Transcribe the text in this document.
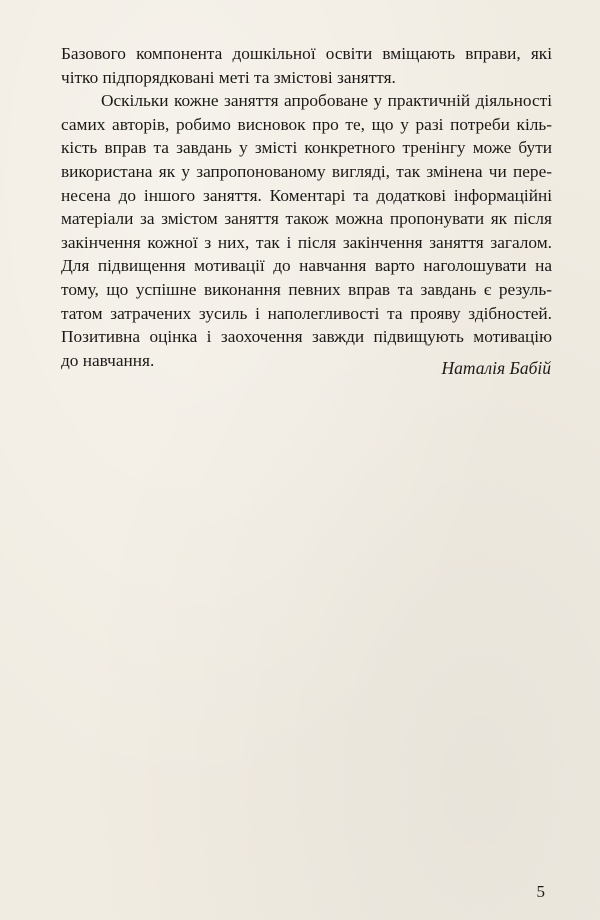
Базового компонента дошкільної освіти вміщають вправи, які
чітко підпорядковані меті та змістові заняття.
Оскільки кожне заняття апробоване у практичній діяльності
самих авторів, робимо висновок про те, що у разі потреби кіль-
кість вправ та завдань у змісті конкретного тренінгу може бути
використана як у запропонованому вигляді, так змінена чи пере-
несена до іншого заняття. Коментарі та додаткові інформаційні
матеріали за змістом заняття також можна пропонувати як після
закінчення кожної з них, так і після закінчення заняття загалом.
Для підвищення мотивації до навчання варто наголошувати на
тому, що успішне виконання певних вправ та завдань є резуль-
татом затрачених зусиль і наполегливості та прояву здібностей.
Позитивна оцінка і заохочення завжди підвищують мотивацію
до навчання.	Наталія Бабій
5
